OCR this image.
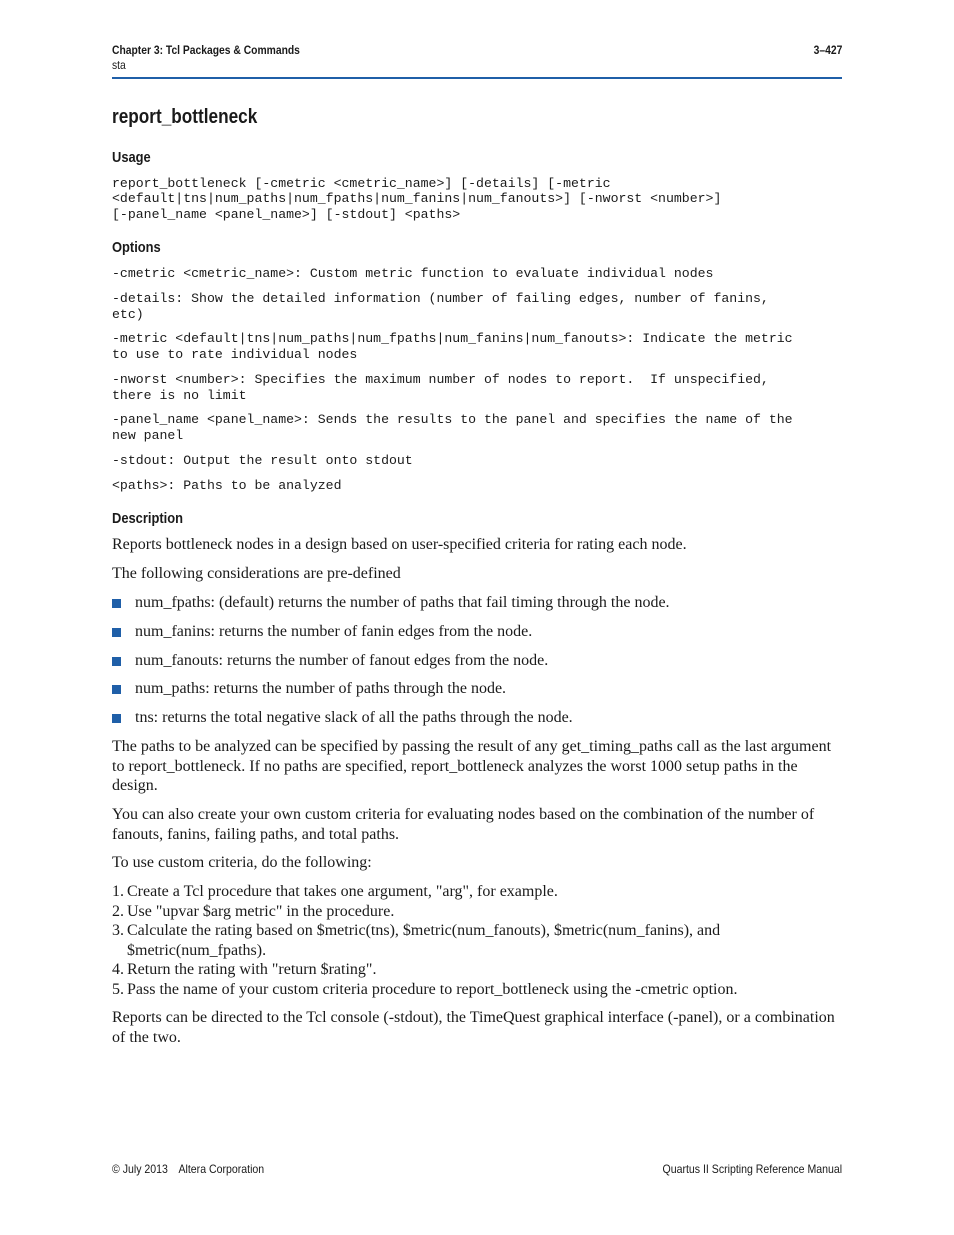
Chapter 3: Tcl Packages & Commands	3–427
sta
report_bottleneck
Usage
report_bottleneck [-cmetric <cmetric_name>] [-details] [-metric
<default|tns|num_paths|num_fpaths|num_fanins|num_fanouts>] [-nworst <number>]
[-panel_name <panel_name>] [-stdout] <paths>
Options
-cmetric <cmetric_name>: Custom metric function to evaluate individual nodes
-details: Show the detailed information (number of failing edges, number of fanins,
etc)
-metric <default|tns|num_paths|num_fpaths|num_fanins|num_fanouts>: Indicate the metric
to use to rate individual nodes
-nworst <number>: Specifies the maximum number of nodes to report.  If unspecified,
there is no limit
-panel_name <panel_name>: Sends the results to the panel and specifies the name of the
new panel
-stdout: Output the result onto stdout
<paths>: Paths to be analyzed
Description
Reports bottleneck nodes in a design based on user-specified criteria for rating each node.
The following considerations are pre-defined
num_fpaths: (default) returns the number of paths that fail timing through the node.
num_fanins: returns the number of fanin edges from the node.
num_fanouts: returns the number of fanout edges from the node.
num_paths: returns the number of paths through the node.
tns: returns the total negative slack of all the paths through the node.
The paths to be analyzed can be specified by passing the result of any get_timing_paths call as the last argument to report_bottleneck. If no paths are specified, report_bottleneck analyzes the worst 1000 setup paths in the design.
You can also create your own custom criteria for evaluating nodes based on the combination of the number of fanouts, fanins, failing paths, and total paths.
To use custom criteria, do the following:
1. Create a Tcl procedure that takes one argument, "arg", for example.
2. Use "upvar $arg metric" in the procedure.
3. Calculate the rating based on $metric(tns), $metric(num_fanouts), $metric(num_fanins), and $metric(num_fpaths).
4. Return the rating with "return $rating".
5. Pass the name of your custom criteria procedure to report_bottleneck using the -cmetric option.
Reports can be directed to the Tcl console (-stdout), the TimeQuest graphical interface (-panel), or a combination of the two.
© July 2013 Altera Corporation	Quartus II Scripting Reference Manual
